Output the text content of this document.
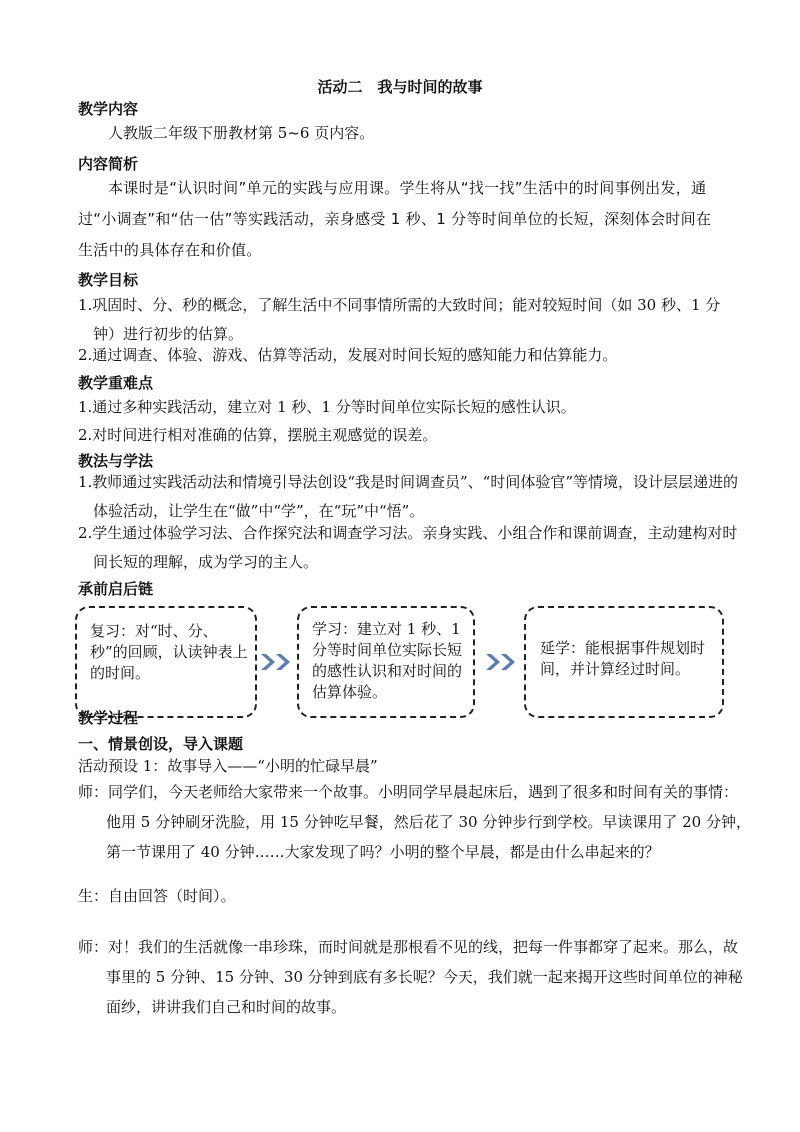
活动二　我与时间的故事
教学内容
人教版二年级下册教材第 5~6 页内容。
内容简析
本课时是“认识时间”单元的实践与应用课。学生将从“找一找”生活中的时间事例出发，通过“小调查”和“估一估”等实践活动，亲身感受 1 秒、1 分等时间单位的长短，深刻体会时间在生活中的具体存在和价值。
教学目标
1.巩固时、分、秒的概念，了解生活中不同事情所需的大致时间；能对较短时间（如 30 秒、1 分钟）进行初步的估算。
2.通过调查、体验、游戏、估算等活动，发展对时间长短的感知能力和估算能力。
教学重难点
1.通过多种实践活动，建立对 1 秒、1 分等时间单位实际长短的感性认识。
2.对时间进行相对准确的估算，摆脱主观感觉的误差。
教法与学法
1.教师通过实践活动法和情境引导法创设“我是时间调查员”、“时间体验官”等情境，设计层层递进的体验活动，让学生在“做”中“学”，在“玩”中“悟”。
2.学生通过体验学习法、合作探究法和调查学习法。亲身实践、小组合作和课前调查，主动建构对时间长短的理解，成为学习的主人。
承前启后链
复习：对“时、分、秒”的回顾，认读钟表上的时间。
学习：建立对 1 秒、1 分等时间单位实际长短的感性认识和对时间的估算体验。
延学：能根据事件规划时间，并计算经过时间。
教学过程
一、情景创设，导入课题
活动预设 1：故事导入——“小明的忙碌早晨”
师：同学们，今天老师给大家带来一个故事。小明同学早晨起床后，遇到了很多和时间有关的事情：他用 5 分钟刷牙洗脸，用 15 分钟吃早餐，然后花了 30 分钟步行到学校。早读课用了 20 分钟，第一节课用了 40 分钟……大家发现了吗？小明的整个早晨，都是由什么串起来的？
生：自由回答（时间）。
师：对！我们的生活就像一串珍珠，而时间就是那根看不见的线，把每一件事都穿了起来。那么，故事里的 5 分钟、15 分钟、30 分钟到底有多长呢？今天，我们就一起来揭开这些时间单位的神秘面纱，讲讲我们自己和时间的故事。
